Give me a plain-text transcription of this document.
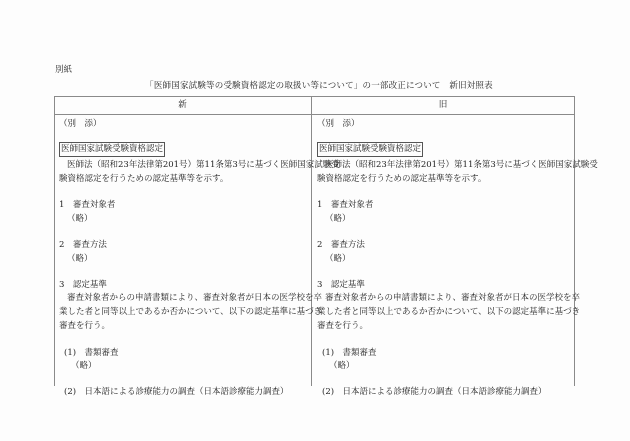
別紙
「医師国家試験等の受験資格認定の取扱い等について」の一部改正について　新旧対照表
新	旧
（別　添）
医師国家試験受験資格認定
医師法（昭和23年法律第201号）第11条第3号に基づく医師国家試験受
験資格認定を行うための認定基準等を示す。
1　審査対象者
（略）
2　審査方法
（略）
3　認定基準
審査対象者からの申請書類により、審査対象者が日本の医学校を卒
業した者と同等以上であるか否かについて、以下の認定基準に基づき
審査を行う。
(1)　書類審査
（略）
(2)　日本語による診療能力の調査（日本語診療能力調査）
（別　添）
医師国家試験受験資格認定
医師法（昭和23年法律第201号）第11条第3号に基づく医師国家試験受
験資格認定を行うための認定基準等を示す。
1　審査対象者
（略）
2　審査方法
（略）
3　認定基準
審査対象者からの申請書類により、審査対象者が日本の医学校を卒
業した者と同等以上であるか否かについて、以下の認定基準に基づき
審査を行う。
(1)　書類審査
（略）
(2)　日本語による診療能力の調査（日本語診療能力調査）
